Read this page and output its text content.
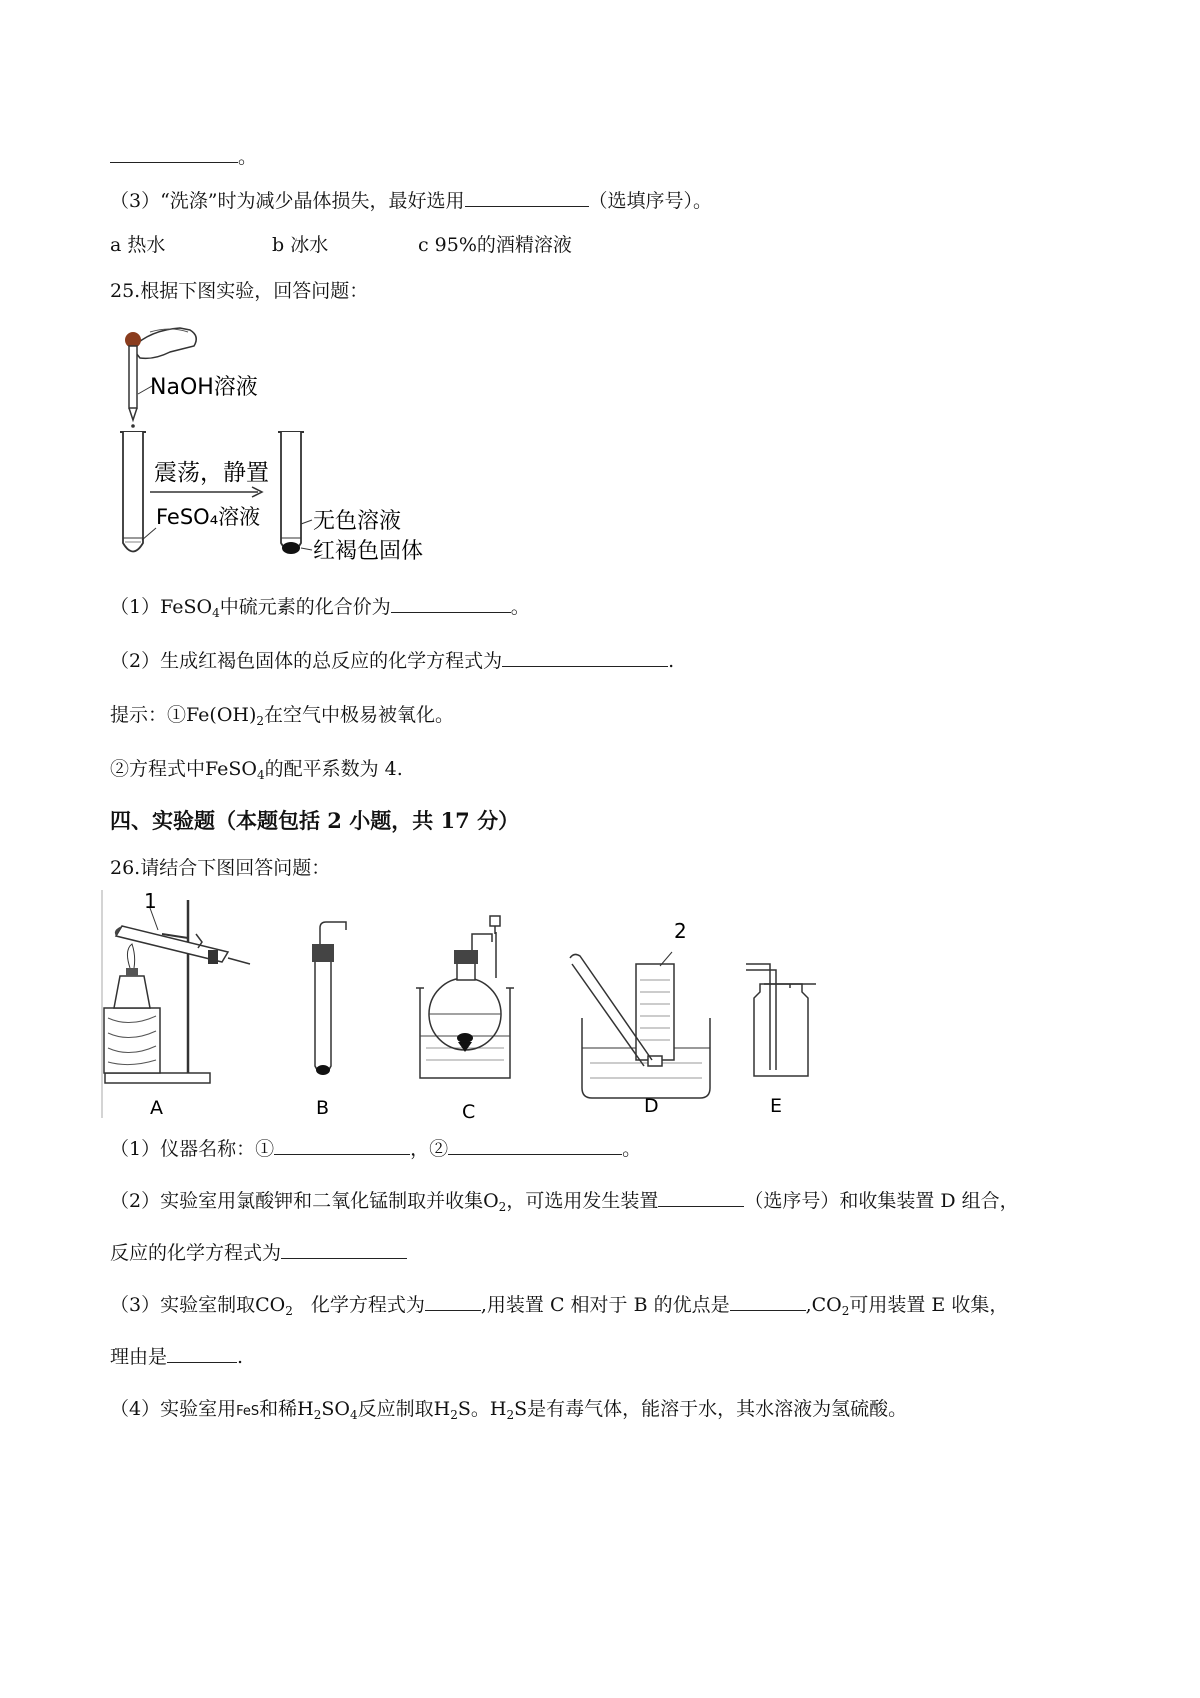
。
（3）“洗涤”时为减少晶体损失，最好选用	（选填序号）。
a 热水	b 冰水	c 95%的酒精溶液
25.根据下图实验，回答问题：
NaOH溶液
震荡，静置
FeSO₄溶液 无色溶液
红褐色固体
（1）FeSO$_4$中硫元素的化合价为	。
（2）生成红褐色固体的总反应的化学方程式为	.
提示：$①Fe(OH)_2$在空气中极易被氧化。
②方程式中FeSO$_4$的配平系数为 4.
四、实验题（本题包括 2 小题，共 17 分）
26.请结合下图回答问题：
1
2
A	B	C	D	E
（1）仪器名称：①	，②	。
（2）实验室用氯酸钾和二氧化锰制取并收集$O_2$，可选用发生装置	（选序号）和收集装置 D 组合，
反应的化学方程式为
（3）实验室制取$CO_2$ 化学方程式为	,用装置 C 相对于 B 的优点是	$,CO_2$可用装置 E 收集，
理由是	.
（4）实验室用FeS和稀$H_2SO_4$反应制取$H_2S$。$H_2S$是有毒气体，能溶于水，其水溶液为氢硫酸。
